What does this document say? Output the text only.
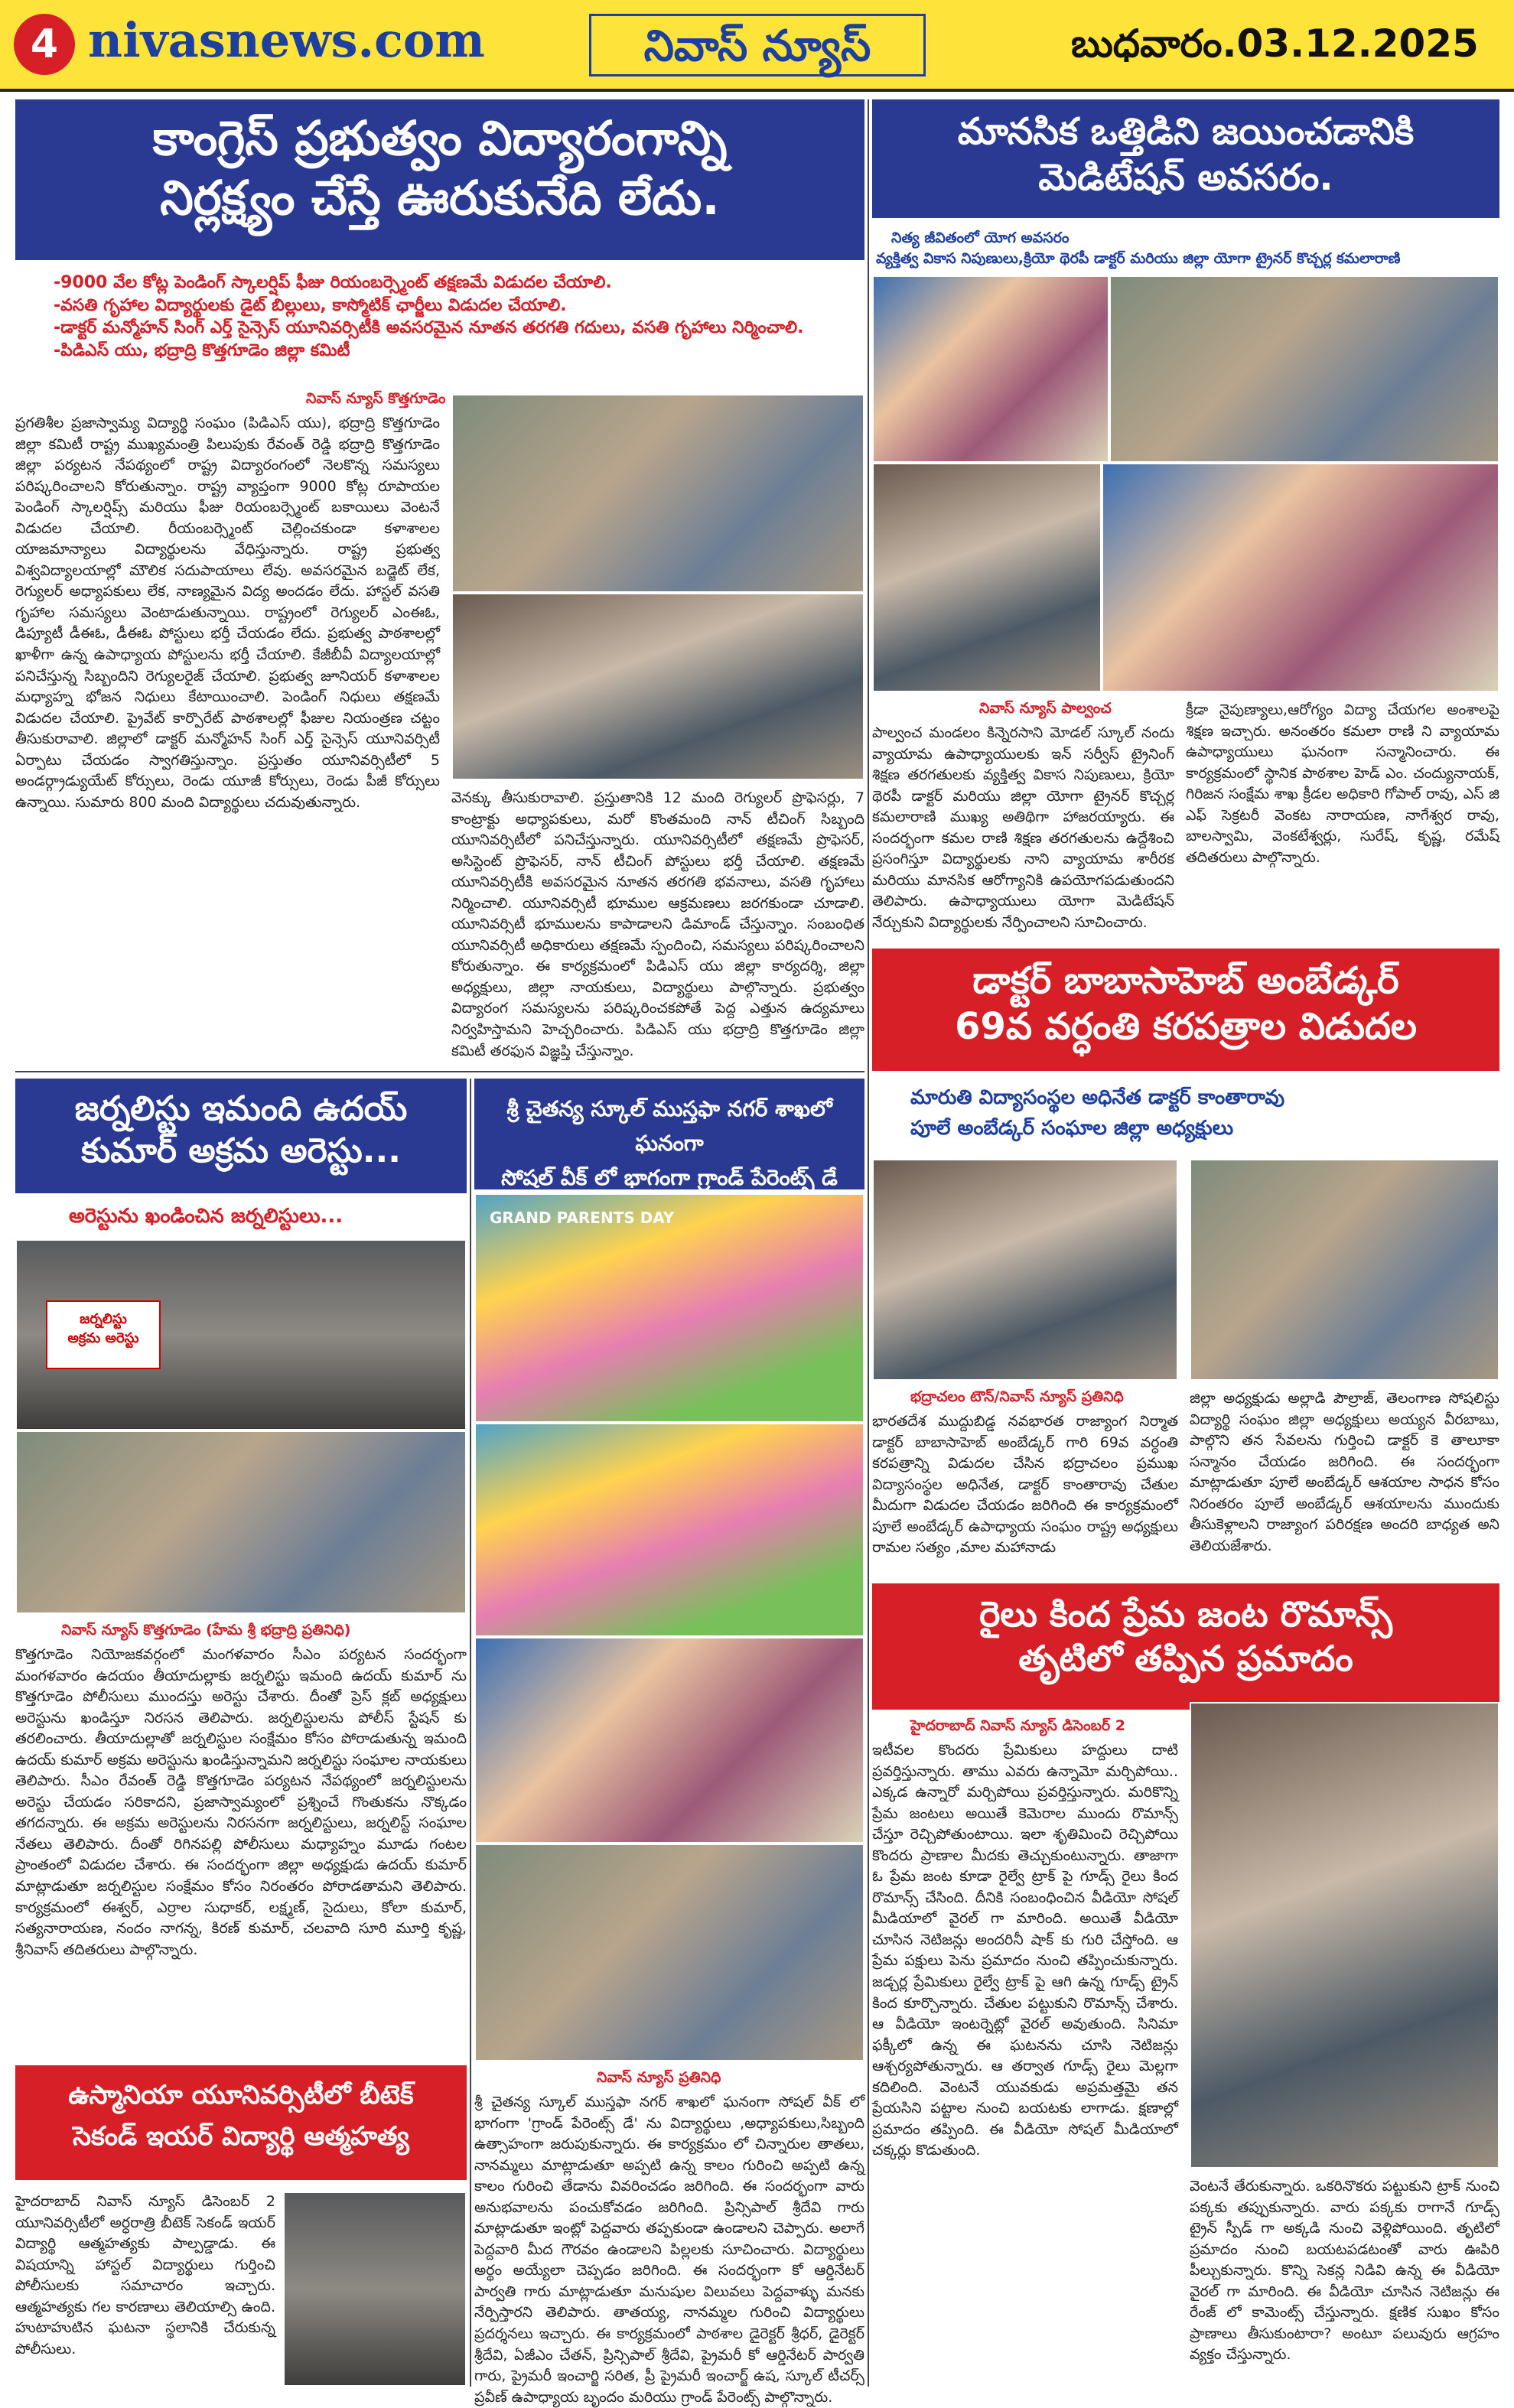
4 nivasnews.com	నివాస్ న్యూస్	బుధవారం.03.12.2025
కాంగ్రెస్ ప్రభుత్వం విద్యారంగాన్ని
నిర్లక్ష్యం చేస్తే ఊరుకునేది లేదు.
-9000 వేల కోట్ల పెండింగ్ స్కాలర్షిప్ ఫీజు రియంబర్స్మెంట్ తక్షణమే విడుదల చేయాలి.
-వసతి గృహాల విద్యార్థులకు డైట్ బిల్లులు, కాస్మోటిక్ ఛార్జీలు విడుదల చేయాలి.
-డాక్టర్ మన్మోహన్ సింగ్ ఎర్త్ సైన్సెస్ యూనివర్సిటీకి అవసరమైన నూతన తరగతి గదులు, వసతి గృహాలు నిర్మించాలి.
-పిడిఎస్ యు, భద్రాద్రి కొత్తగూడెం జిల్లా కమిటీ
నివాస్ న్యూస్ కొత్తగూడెం
ప్రగతిశీల ప్రజాస్వామ్య విద్యార్థి సంఘం (పిడిఎస్ యు), భద్రాద్రి కొత్తగూడెం జిల్లా కమిటీ రాష్ట్ర ముఖ్యమంత్రి పిలుపుకు రేవంత్ రెడ్డి భద్రాద్రి కొత్తగూడెం జిల్లా పర్యటన నేపథ్యంలో రాష్ట్ర విద్యారంగంలో నెలకొన్న సమస్యలు పరిష్కరించాలని కోరుతున్నాం. రాష్ట్ర వ్యాప్తంగా 9000 కోట్ల రూపాయల పెండింగ్ స్కాలర్షిప్స్ మరియు ఫీజు రియంబర్స్మెంట్ బకాయిలు వెంటనే విడుదల చేయాలి. రీయంబర్స్మెంట్ చెల్లించకుండా కళాశాలల యాజమాన్యాలు విద్యార్థులను వేధిస్తున్నారు. రాష్ట్ర ప్రభుత్వ విశ్వవిద్యాలయాల్లో మౌలిక సదుపాయాలు లేవు. అవసరమైన బడ్జెట్ లేక, రెగ్యులర్ అధ్యాపకులు లేక, నాణ్యమైన విద్య అందడం లేదు. హాస్టల్ వసతి గృహాల సమస్యలు వెంటాడుతున్నాయి. రాష్ట్రంలో రెగ్యులర్ ఎంఈఓ, డిప్యూటీ డీఈఓ, డీఈఓ పోస్టులు భర్తీ చేయడం లేదు. ప్రభుత్వ పాఠశాలల్లో ఖాళీగా ఉన్న ఉపాధ్యాయ పోస్టులను భర్తీ చేయాలి. కేజీబీవీ విద్యాలయాల్లో పనిచేస్తున్న సిబ్బందిని రెగ్యులరైజ్ చేయాలి. ప్రభుత్వ జూనియర్ కళాశాలల మధ్యాహ్న భోజన నిధులు కేటాయించాలి. పెండింగ్ నిధులు తక్షణమే విడుదల చేయాలి. ప్రైవేట్ కార్పొరేట్ పాఠశాలల్లో ఫీజుల నియంత్రణ చట్టం తీసుకురావాలి. జిల్లాలో డాక్టర్ మన్మోహన్ సింగ్ ఎర్త్ సైన్సెస్ యూనివర్సిటీ ఏర్పాటు చేయడం స్వాగతిస్తున్నాం. ప్రస్తుతం యూనివర్సిటీలో 5 అండర్గ్రాడ్యుయేట్ కోర్సులు, రెండు యూజీ కోర్సులు, రెండు పీజీ కోర్సులు ఉన్నాయి. సుమారు 800 మంది విద్యార్థులు చదువుతున్నారు.	వెనక్కు తీసుకురావాలి. ప్రస్తుతానికి 12 మంది రెగ్యులర్ ప్రొఫెసర్లు, 7 కాంట్రాక్టు అధ్యాపకులు, మరో కొంతమంది నాన్ టీచింగ్ సిబ్బంది యూనివర్సిటీలో పనిచేస్తున్నారు. యూనివర్సిటీలో తక్షణమే ప్రొఫెసర్, అసిస్టెంట్ ప్రొఫెసర్, నాన్ టీచింగ్ పోస్టులు భర్తీ చేయాలి. తక్షణమే యూనివర్సిటీకి అవసరమైన నూతన తరగతి భవనాలు, వసతి గృహాలు నిర్మించాలి. యూనివర్సిటీ భూముల ఆక్రమణలు జరగకుండా చూడాలి. యూనివర్సిటీ భూములను కాపాడాలని డిమాండ్ చేస్తున్నాం. సంబంధిత యూనివర్సిటీ అధికారులు తక్షణమే స్పందించి, సమస్యలు పరిష్కరించాలని కోరుతున్నాం. ఈ కార్యక్రమంలో పిడిఎస్ యు జిల్లా కార్యదర్శి, జిల్లా అధ్యక్షులు, జిల్లా నాయకులు, విద్యార్థులు పాల్గొన్నారు. ప్రభుత్వం విద్యారంగ సమస్యలను పరిష్కరించకపోతే పెద్ద ఎత్తున ఉద్యమాలు నిర్వహిస్తామని హెచ్చరించారు. పిడిఎస్ యు భద్రాద్రి కొత్తగూడెం జిల్లా కమిటీ తరఫున విజ్ఞప్తి చేస్తున్నాం.
మానసిక ఒత్తిడిని జయించడానికి
మెడిటేషన్ అవసరం.
నిత్య జీవితంలో యోగ అవసరం
వ్యక్తిత్వ వికాస నిపుణులు,క్రియో థెరపీ డాక్టర్ మరియు జిల్లా యోగా ట్రైనర్ కొచ్చర్ల కమలారాణి
నివాస్ న్యూస్ పాల్వంచ
పాల్వంచ మండలం కిన్నెరసాని మోడల్ స్కూల్ నందు వ్యాయామ ఉపాధ్యాయులకు ఇన్ సర్వీస్ ట్రైనింగ్ శిక్షణ తరగతులకు వ్యక్తిత్వ వికాస నిపుణులు, క్రియో థెరపీ డాక్టర్ మరియు జిల్లా యోగా ట్రైనర్ కొచ్చర్ల కమలారాణి ముఖ్య అతిథిగా హాజరయ్యారు. ఈ సందర్భంగా కమల రాణి శిక్షణ తరగతులను ఉద్దేశించి ప్రసంగిస్తూ విద్యార్థులకు నాని వ్యాయామ శారీరక మరియు మానసిక ఆరోగ్యానికి ఉపయోగపడుతుందని తెలిపారు. ఉపాధ్యాయులు యోగా మెడిటేషన్ నేర్చుకుని విద్యార్థులకు నేర్పించాలని సూచించారు.
క్రీడా నైపుణ్యాలు,ఆరోగ్యం విద్యా చేయగల అంశాలపై శిక్షణ ఇచ్చారు. అనంతరం కమలా రాణి ని వ్యాయామ ఉపాధ్యాయులు ఘనంగా సన్మానించారు. ఈ కార్యక్రమంలో స్థానిక పాఠశాల హెడ్ ఎం. చంద్యునాయక్, గిరిజన సంక్షేమ శాఖ క్రీడల అధికారి గోపాల్ రావు, ఎస్ జి ఎఫ్ సెక్రటరీ వెంకట నారాయణ, నాగేశ్వర రావు, బాలస్వామి, వెంకటేశ్వర్లు, సురేష్, కృష్ణ, రమేష్ తదితరులు పాల్గొన్నారు.
డాక్టర్ బాబాసాహెబ్ అంబేడ్కర్
69వ వర్ధంతి కరపత్రాల విడుదల
మారుతి విద్యాసంస్థల అధినేత డాక్టర్ కాంతారావు
పూలే అంబేడ్కర్ సంఘాల జిల్లా అధ్యక్షులు
భద్రాచలం టౌన్/నివాస్ న్యూస్ ప్రతినిధి
భారతదేశ ముద్దుబిడ్డ నవభారత రాజ్యాంగ నిర్మాత డాక్టర్ బాబాసాహెబ్ అంబేడ్కర్ గారి 69వ వర్ధంతి కరపత్రాన్ని విడుదల చేసిన భద్రాచలం ప్రముఖ విద్యాసంస్థల అధినేత, డాక్టర్ కాంతారావు చేతుల మీదుగా విడుదల చేయడం జరిగింది ఈ కార్యక్రమంలో పూలే అంబేడ్కర్ ఉపాధ్యాయ సంఘం రాష్ట్ర అధ్యక్షులు రామల సత్యం ,మాల మహానాడు
జిల్లా అధ్యక్షుడు అల్లాడి పౌల్రాజ్, తెలంగాణ సోషలిస్టు విద్యార్థి సంఘం జిల్లా అధ్యక్షులు అయ్యన వీరబాబు, పాల్గొని తన సేవలను గుర్తించి డాక్టర్ కె తాలూకా సన్మానం చేయడం జరిగింది. ఈ సందర్భంగా మాట్లాడుతూ పూలే అంబేడ్కర్ ఆశయాల సాధన కోసం నిరంతరం పూలే అంబేడ్కర్ ఆశయాలను ముందుకు తీసుకెళ్లాలని రాజ్యాంగ పరిరక్షణ అందరి బాధ్యత అని తెలియజేశారు.
జర్నలిస్టు ఇమంది ఉదయ్
కుమార్ అక్రమ అరెస్టు...
అరెస్టును ఖండించిన జర్నలిస్టులు...
జర్నలిస్టు
అక్రమ అరెస్టు
నివాస్ న్యూస్ కొత్తగూడెం (హేమ శ్రీ భద్రాద్రి ప్రతినిధి)
కొత్తగూడెం నియోజకవర్గంలో మంగళవారం సీఎం పర్యటన సందర్భంగా మంగళవారం ఉదయం తీయాదుల్లాకు జర్నలిస్టు ఇమంది ఉదయ్ కుమార్ ను కొత్తగూడెం పోలీసులు ముందస్తు అరెస్టు చేశారు. దీంతో ప్రెస్ క్లబ్ అధ్యక్షులు అరెస్టును ఖండిస్తూ నిరసన తెలిపారు. జర్నలిస్టులను పోలీస్ స్టేషన్ కు తరలించారు. తీయాదుల్లాతో జర్నలిస్టుల సంక్షేమం కోసం పోరాడుతున్న ఇమంది ఉదయ్ కుమార్ అక్రమ అరెస్టును ఖండిస్తున్నామని జర్నలిస్టు సంఘాల నాయకులు తెలిపారు. సీఎం రేవంత్ రెడ్డి కొత్తగూడెం పర్యటన నేపథ్యంలో జర్నలిస్టులను అరెస్టు చేయడం సరికాదని, ప్రజాస్వామ్యంలో ప్రశ్నించే గొంతుకను నొక్కడం తగదన్నారు. ఈ అక్రమ అరెస్టులను నిరసనగా జర్నలిస్టులు, జర్నలిస్ట్ సంఘాల నేతలు తెలిపారు. దీంతో రిగినపల్లి పోలీసులు మధ్యాహ్నం మూడు గంటల ప్రాంతంలో విడుదల చేశారు. ఈ సందర్భంగా జిల్లా అధ్యక్షుడు ఉదయ్ కుమార్ మాట్లాడుతూ జర్నలిస్టుల సంక్షేమం కోసం నిరంతరం పోరాడతామని తెలిపారు. కార్యక్రమంలో ఈశ్వర్, ఎర్రాల సుధాకర్, లక్ష్మణ్, సైదులు, కోలా కుమార్, సత్యనారాయణ, నందం నాగన్న, కిరణ్ కుమార్, చలవాది సూరి మూర్తి కృష్ణ, శ్రీనివాస్ తదితరులు పాల్గొన్నారు.
శ్రీ చైతన్య స్కూల్ ముస్తఫా నగర్ శాఖలో ఘనంగా
సోషల్ వీక్ లో భాగంగా గ్రాండ్ పేరెంట్స్ డే
GRAND PARENTS DAY
నివాస్ న్యూస్ ప్రతినిధి
శ్రీ చైతన్య స్కూల్ ముస్తఫా నగర్ శాఖలో ఘనంగా సోషల్ వీక్ లో భాగంగా 'గ్రాండ్ పేరెంట్స్ డే' ను విద్యార్థులు ,అధ్యాపకులు,సిబ్బంది ఉత్సాహంగా జరుపుకున్నారు. ఈ కార్యక్రమం లో చిన్నారుల తాతలు, నానమ్మలు మాట్లాడుతూ అప్పటి ఉన్న కాలం గురించి అప్పటి ఉన్న కాలం గురించి తేడాను వివరించడం జరిగింది. ఈ సందర్భంగా వారు అనుభవాలను పంచుకోవడం జరిగింది. ప్రిన్సిపాల్ శ్రీదేవి గారు మాట్లాడుతూ ఇంట్లో పెద్దవారు తప్పకుండా ఉండాలని చెప్పారు. అలాగే పెద్దవారి మీద గౌరవం ఉండాలని పిల్లలకు సూచించారు. విద్యార్థులు అర్థం అయ్యేలా చెప్పడం జరిగింది. ఈ సందర్భంగా కో ఆర్డినేటర్ పార్వతి గారు మాట్లాడుతూ మనుషుల విలువలు పెద్దవాళ్ళు మనకు నేర్పిస్తారని తెలిపారు. తాతయ్య, నానమ్మల గురించి విద్యార్థులు ప్రదర్శనలు ఇచ్చారు. ఈ కార్యక్రమంలో పాఠశాల డైరెక్టర్ శ్రీధర్, డైరెక్టర్ శ్రీదేవి, ఏజీఎం చేతన్, ప్రిన్సిపాల్ శ్రీదేవి, ప్రైమరీ కో ఆర్డినేటర్ పార్వతి గారు, ప్రైమరీ ఇంచార్జి సరిత, ప్రీ ప్రైమరీ ఇంచార్జ్ ఉష, స్కూల్ టీచర్స్ ప్రవీణ్ ఉపాధ్యాయ బృందం మరియు గ్రాండ్ పేరెంట్స్ పాల్గొన్నారు.
రైలు కింద ప్రేమ జంట రొమాన్స్
తృటిలో తప్పిన ప్రమాదం
హైదరాబాద్ నివాస్ న్యూస్ డిసెంబర్ 2
ఇటీవల కొందరు ప్రేమికులు హద్దులు దాటి ప్రవర్తిస్తున్నారు. తాము ఎవరు ఉన్నామో మర్చిపోయి.. ఎక్కడ ఉన్నారో మర్చిపోయి ప్రవర్తిస్తున్నారు. మరికొన్ని ప్రేమ జంటలు అయితే కెమెరాల ముందు రొమాన్స్ చేస్తూ రెచ్చిపోతుంటాయి. ఇలా శృతిమించి రెచ్చిపోయి కొందరు ప్రాణాల మీదకు తెచ్చుకుంటున్నారు. తాజాగా ఓ ప్రేమ జంట కూడా రైల్వే ట్రాక్ పై గూడ్స్ రైలు కింద రొమాన్స్ చేసింది. దీనికి సంబంధించిన వీడియో సోషల్ మీడియాలో వైరల్ గా మారింది. అయితే వీడియో చూసిన నెటిజన్లు అందరినీ షాక్ కు గురి చేస్తోంది. ఆ ప్రేమ పక్షులు పెను ప్రమాదం నుంచి తప్పించుకున్నారు. జడ్చర్ల ప్రేమికులు రైల్వే ట్రాక్ పై ఆగి ఉన్న గూడ్స్ ట్రైన్ కింద కూర్చొన్నారు. చేతుల పట్టుకుని రొమాన్స్ చేశారు. ఆ వీడియో ఇంటర్నెట్లో వైరల్ అవుతుంది. సినిమా ఫక్కీలో ఉన్న ఈ ఘటనను చూసి నెటిజన్లు ఆశ్చర్యపోతున్నారు. ఆ తర్వాత గూడ్స్ రైలు మెల్లగా కదిలింది. వెంటనే యువకుడు అప్రమత్తమై తన ప్రేయసిని పట్టాల నుంచి బయటకు లాగాడు. క్షణాల్లో ప్రమాదం తప్పింది. ఈ వీడియో సోషల్ మీడియాలో చక్కర్లు కొడుతుంది.
వెంటనే తేరుకున్నారు. ఒకరినొకరు పట్టుకుని ట్రాక్ నుంచి పక్కకు తప్పుకున్నారు. వారు పక్కకు రాగానే గూడ్స్ ట్రైన్ స్పీడ్ గా అక్కడి నుంచి వెళ్లిపోయింది. తృటిలో ప్రమాదం నుంచి బయటపడటంతో వారు ఊపిరి పీల్చుకున్నారు. కొన్ని సెకన్ల నిడివి ఉన్న ఈ వీడియో వైరల్ గా మారింది. ఈ వీడియో చూసిన నెటిజన్లు ఈ రేంజ్ లో కామెంట్స్ చేస్తున్నారు. క్షణిక సుఖం కోసం ప్రాణాలు తీసుకుంటారా? అంటూ పలువురు ఆగ్రహం వ్యక్తం చేస్తున్నారు.
ఉస్మానియా యూనివర్సిటీలో బీటెక్
సెకండ్ ఇయర్ విద్యార్థి ఆత్మహత్య
హైదరాబాద్ నివాస్ న్యూస్ డిసెంబర్ 2 యూనివర్సిటీలో అర్ధరాత్రి బీటెక్ సెకండ్ ఇయర్ విద్యార్థి ఆత్మహత్యకు పాల్పడ్డాడు. ఈ విషయాన్ని హాస్టల్ విద్యార్థులు గుర్తించి పోలీసులకు సమాచారం ఇచ్చారు. ఆత్మహత్యకు గల కారణాలు తెలియాల్సి ఉంది. హుటాహుటిన ఘటనా స్థలానికి చేరుకున్న పోలీసులు.
